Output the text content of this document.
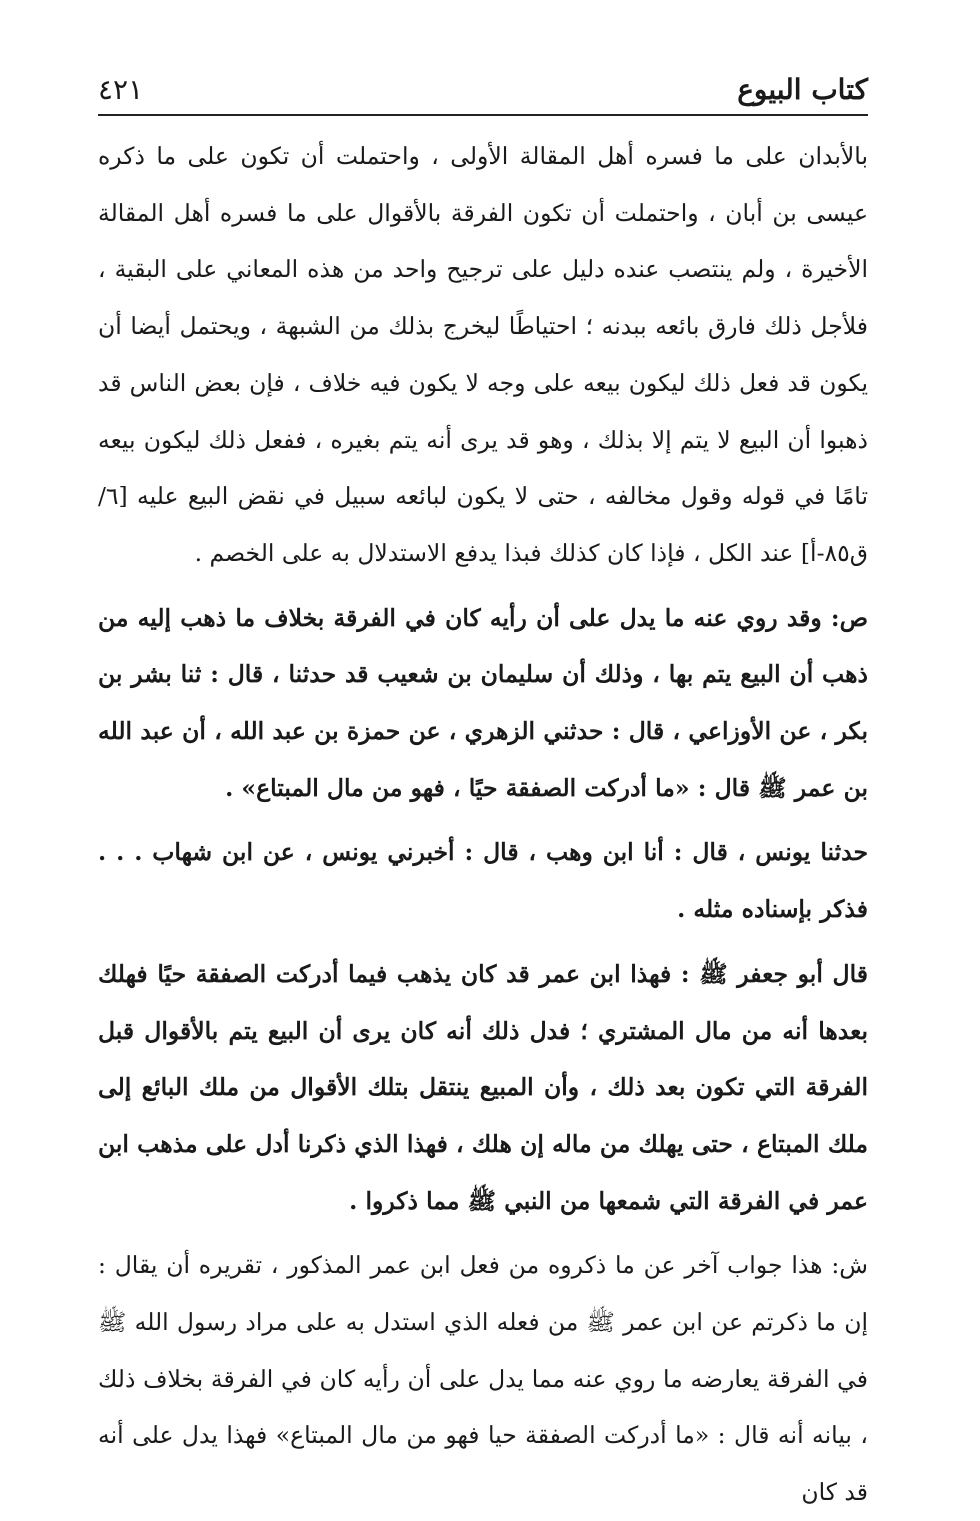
كتاب البيوع
٤٢١

بالأبدان على ما فسره أهل المقالة الأولى ، واحتملت أن تكون على ما ذكره عيسى بن أبان ، واحتملت أن تكون الفرقة بالأقوال على ما فسره أهل المقالة الأخيرة ، ولم ينتصب عنده دليل على ترجيح واحد من هذه المعاني على البقية ، فلأجل ذلك فارق بائعه ببدنه ؛ احتياطًا ليخرج بذلك من الشبهة ، ويحتمل أيضا أن يكون قد فعل ذلك ليكون بيعه على وجه لا يكون فيه خلاف ، فإن بعض الناس قد ذهبوا أن البيع لا يتم إلا بذلك ، وهو قد يرى أنه يتم بغيره ، ففعل ذلك ليكون بيعه تامًا في قوله وقول مخالفه ، حتى لا يكون لبائعه سبيل في نقض البيع عليه [٦/ ق٨٥-أ] عند الكل ، فإذا كان كذلك فبذا يدفع الاستدلال به على الخصم .

ص: وقد روي عنه ما يدل على أن رأيه كان في الفرقة بخلاف ما ذهب إليه من ذهب أن البيع يتم بها ، وذلك أن سليمان بن شعيب قد حدثنا ، قال : ثنا بشر بن بكر ، عن الأوزاعي ، قال : حدثني الزهري ، عن حمزة بن عبد الله ، أن عبد الله بن عمر ﷺ قال : «ما أدركت الصفقة حيًا ، فهو من مال المبتاع» .

حدثنا يونس ، قال : أنا ابن وهب ، قال : أخبرني يونس ، عن ابن شهاب . . . فذكر بإسناده مثله .

قال أبو جعفر ﷺ : فهذا ابن عمر قد كان يذهب فيما أدركت الصفقة حيًا فهلك بعدها أنه من مال المشتري ؛ فدل ذلك أنه كان يرى أن البيع يتم بالأقوال قبل الفرقة التي تكون بعد ذلك ، وأن المبيع ينتقل بتلك الأقوال من ملك البائع إلى ملك المبتاع ، حتى يهلك من ماله إن هلك ، فهذا الذي ذكرنا أدل على مذهب ابن عمر في الفرقة التي شمعها من النبي ﷺ مما ذكروا .

ش: هذا جواب آخر عن ما ذكروه من فعل ابن عمر المذكور ، تقريره أن يقال : إن ما ذكرتم عن ابن عمر ﷺ من فعله الذي استدل به على مراد رسول الله ﷺ في الفرقة يعارضه ما روي عنه مما يدل على أن رأيه كان في الفرقة بخلاف ذلك ، بيانه أنه قال : «ما أدركت الصفقة حيا فهو من مال المبتاع» فهذا يدل على أنه قد كان
